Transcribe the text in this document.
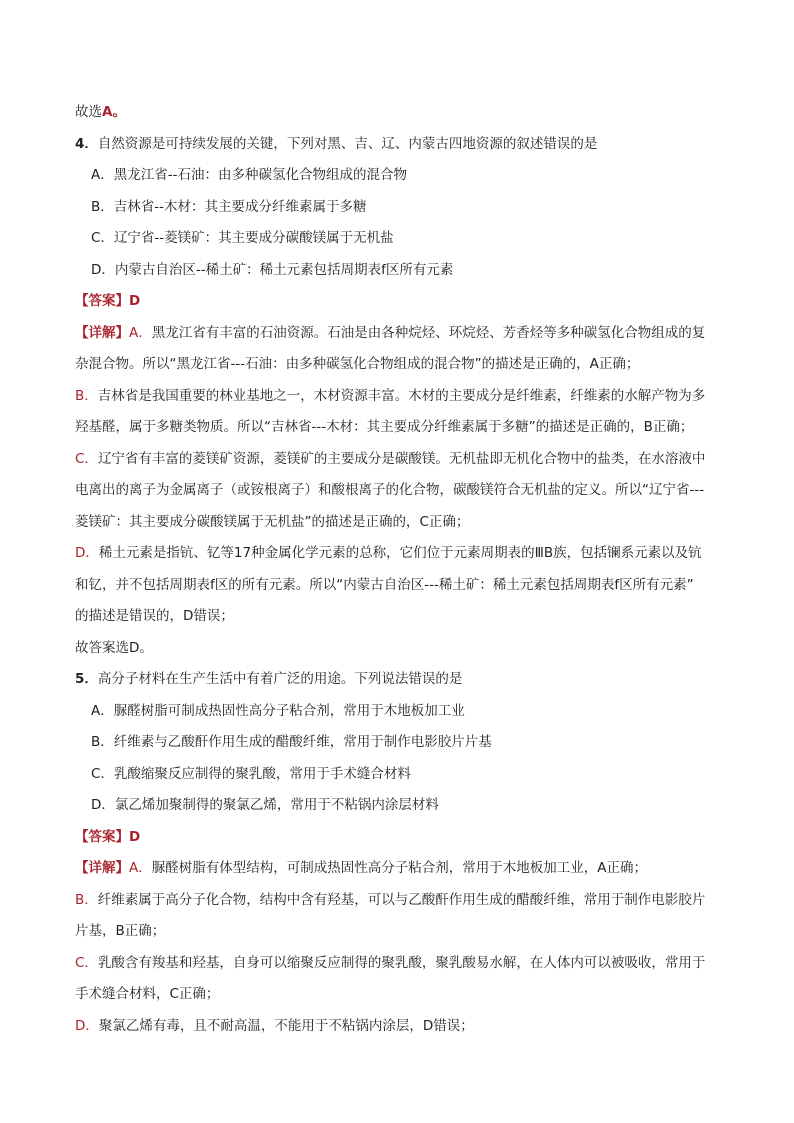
故选A。
4．自然资源是可持续发展的关键，下列对黑、吉、辽、内蒙古四地资源的叙述错误的是
A．黑龙江省--石油：由多种碳氢化合物组成的混合物
B．吉林省--木材：其主要成分纤维素属于多糖
C．辽宁省--菱镁矿：其主要成分碳酸镁属于无机盐
D．内蒙古自治区--稀土矿：稀土元素包括周期表f区所有元素
【答案】D
【详解】A．黑龙江省有丰富的石油资源。石油是由各种烷烃、环烷烃、芳香烃等多种碳氢化合物组成的复
杂混合物。所以“黑龙江省---石油：由多种碳氢化合物组成的混合物”的描述是正确的，A正确；
B．吉林省是我国重要的林业基地之一，木材资源丰富。木材的主要成分是纤维素，纤维素的水解产物为多
羟基醛，属于多糖类物质。所以“吉林省---木材：其主要成分纤维素属于多糖”的描述是正确的，B正确；
C．辽宁省有丰富的菱镁矿资源，菱镁矿的主要成分是碳酸镁。无机盐即无机化合物中的盐类，在水溶液中
电离出的离子为金属离子（或铵根离子）和酸根离子的化合物，碳酸镁符合无机盐的定义。所以“辽宁省---
菱镁矿：其主要成分碳酸镁属于无机盐”的描述是正确的，C正确；
D．稀土元素是指钪、钇等17种金属化学元素的总称，它们位于元素周期表的ⅢB族，包括镧系元素以及钪
和钇，并不包括周期表f区的所有元素。所以“内蒙古自治区---稀土矿：稀土元素包括周期表f区所有元素”
的描述是错误的，D错误；
故答案选D。
5．高分子材料在生产生活中有着广泛的用途。下列说法错误的是
A．脲醛树脂可制成热固性高分子粘合剂，常用于木地板加工业
B．纤维素与乙酸酐作用生成的醋酸纤维，常用于制作电影胶片片基
C．乳酸缩聚反应制得的聚乳酸，常用于手术缝合材料
D．氯乙烯加聚制得的聚氯乙烯，常用于不粘锅内涂层材料
【答案】D
【详解】A．脲醛树脂有体型结构，可制成热固性高分子粘合剂，常用于木地板加工业，A正确；
B．纤维素属于高分子化合物，结构中含有羟基，可以与乙酸酐作用生成的醋酸纤维，常用于制作电影胶片
片基，B正确；
C．乳酸含有羧基和羟基，自身可以缩聚反应制得的聚乳酸，聚乳酸易水解，在人体内可以被吸收，常用于
手术缝合材料，C正确；
D．聚氯乙烯有毒，且不耐高温，不能用于不粘锅内涂层，D错误；
